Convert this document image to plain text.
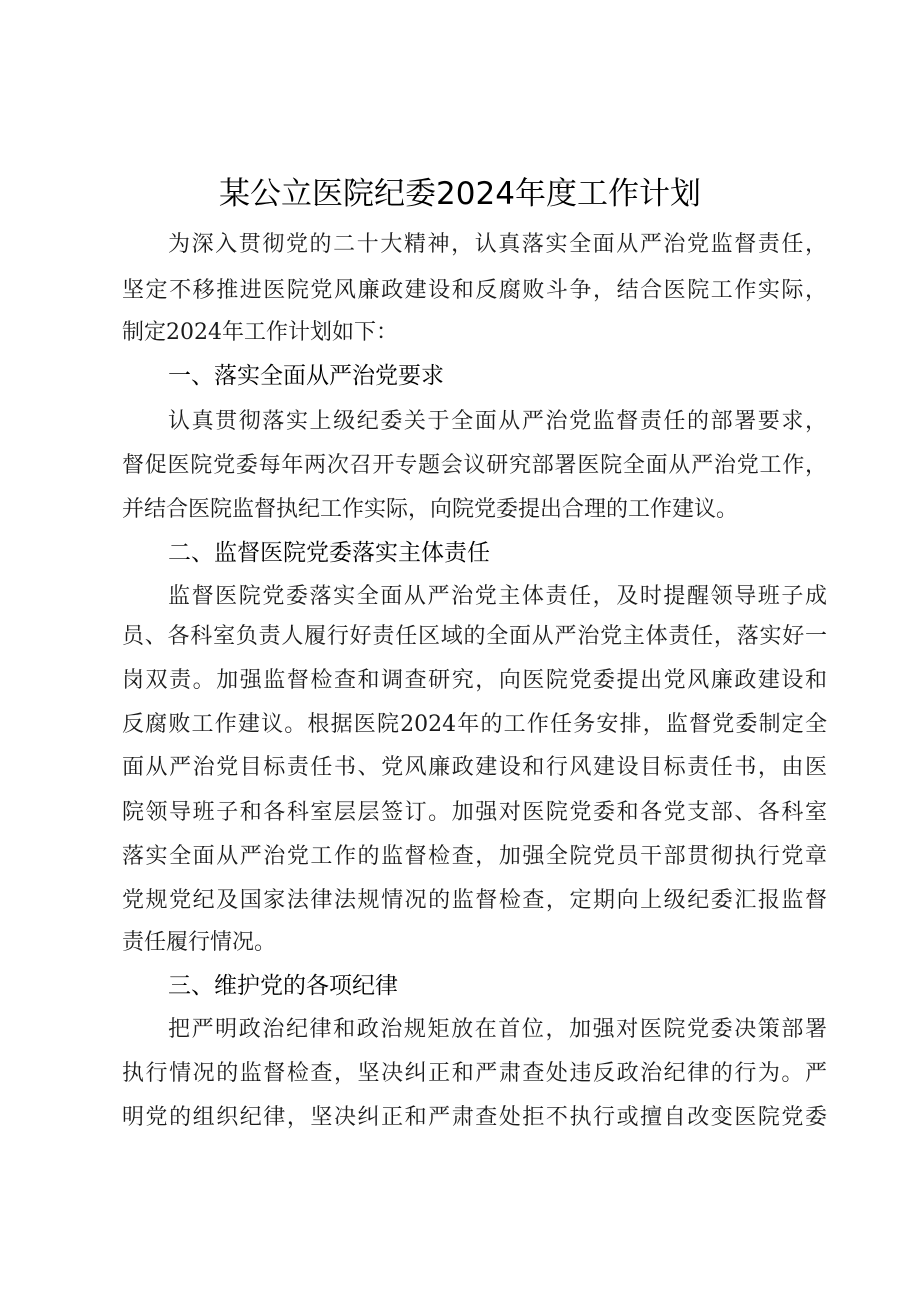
某公立医院纪委2024年度工作计划
为深入贯彻党的二十大精神，认真落实全面从严治党监督责任，
坚定不移推进医院党风廉政建设和反腐败斗争，结合医院工作实际，
制定2024年工作计划如下：
一、落实全面从严治党要求
认真贯彻落实上级纪委关于全面从严治党监督责任的部署要求，
督促医院党委每年两次召开专题会议研究部署医院全面从严治党工作，
并结合医院监督执纪工作实际，向院党委提出合理的工作建议。
二、监督医院党委落实主体责任
监督医院党委落实全面从严治党主体责任，及时提醒领导班子成
员、各科室负责人履行好责任区域的全面从严治党主体责任，落实好一
岗双责。加强监督检查和调查研究，向医院党委提出党风廉政建设和
反腐败工作建议。根据医院2024年的工作任务安排，监督党委制定全
面从严治党目标责任书、党风廉政建设和行风建设目标责任书，由医
院领导班子和各科室层层签订。加强对医院党委和各党支部、各科室
落实全面从严治党工作的监督检查，加强全院党员干部贯彻执行党章
党规党纪及国家法律法规情况的监督检查，定期向上级纪委汇报监督
责任履行情况。
三、维护党的各项纪律
把严明政治纪律和政治规矩放在首位，加强对医院党委决策部署
执行情况的监督检查，坚决纠正和严肃查处违反政治纪律的行为。严
明党的组织纪律，坚决纠正和严肃查处拒不执行或擅自改变医院党委
